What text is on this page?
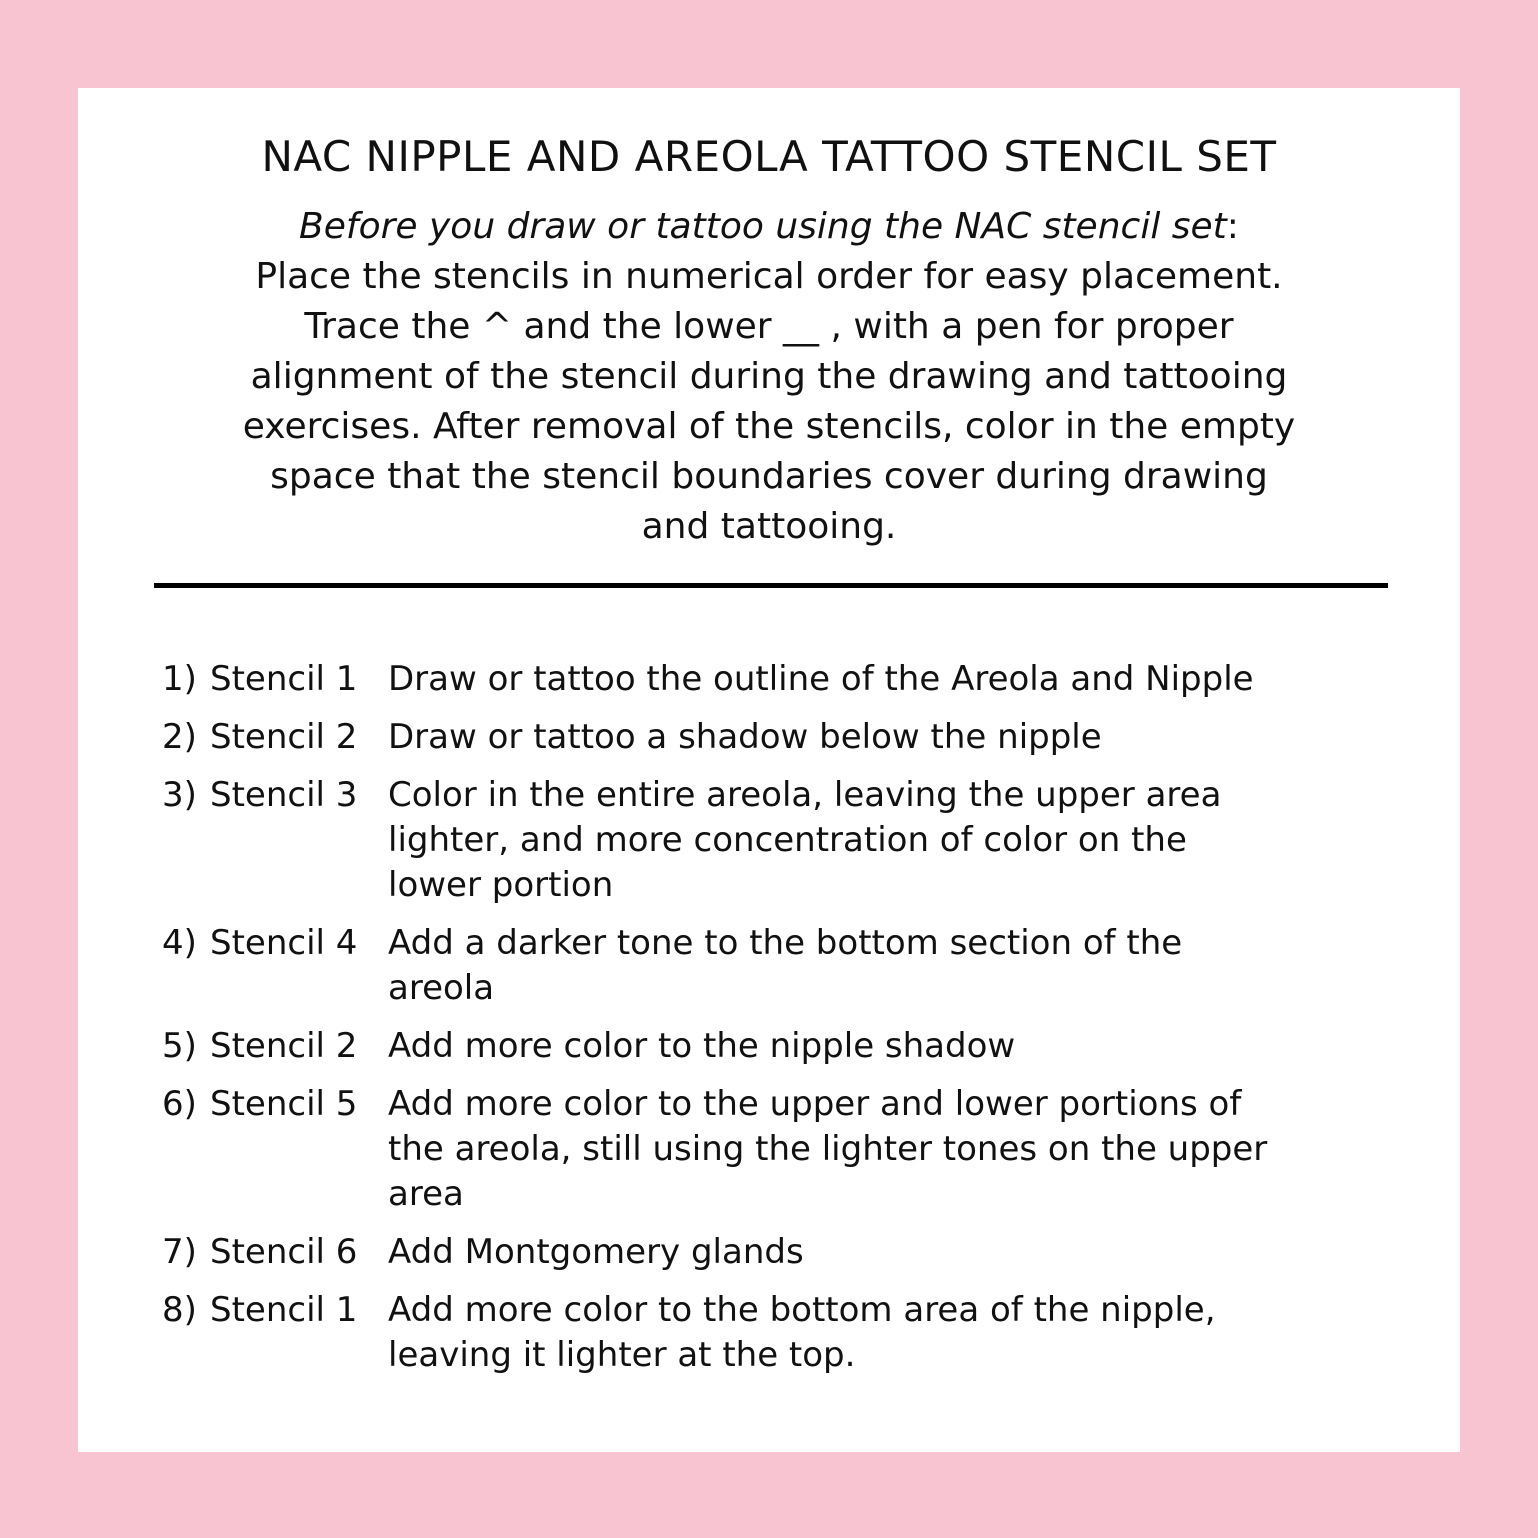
NAC NIPPLE AND AREOLA TATTOO STENCIL SET
Before you draw or tattoo using the NAC stencil set:
Place the stencils in numerical order for easy placement.
Trace the ^ and the lower __ , with a pen for proper
alignment of the stencil during the drawing and tattooing
exercises. After removal of the stencils, color in the empty
space that the stencil boundaries cover during drawing
and tattooing.
1) Stencil 1 Draw or tattoo the outline of the Areola and Nipple
2) Stencil 2 Draw or tattoo a shadow below the nipple
3) Stencil 3 Color in the entire areola, leaving the upper area
lighter, and more concentration of color on the
lower portion
4) Stencil 4 Add a darker tone to the bottom section of the
areola
5) Stencil 2 Add more color to the nipple shadow
6) Stencil 5 Add more color to the upper and lower portions of
the areola, still using the lighter tones on the upper
area
7) Stencil 6 Add Montgomery glands
8) Stencil 1 Add more color to the bottom area of the nipple,
leaving it lighter at the top.
